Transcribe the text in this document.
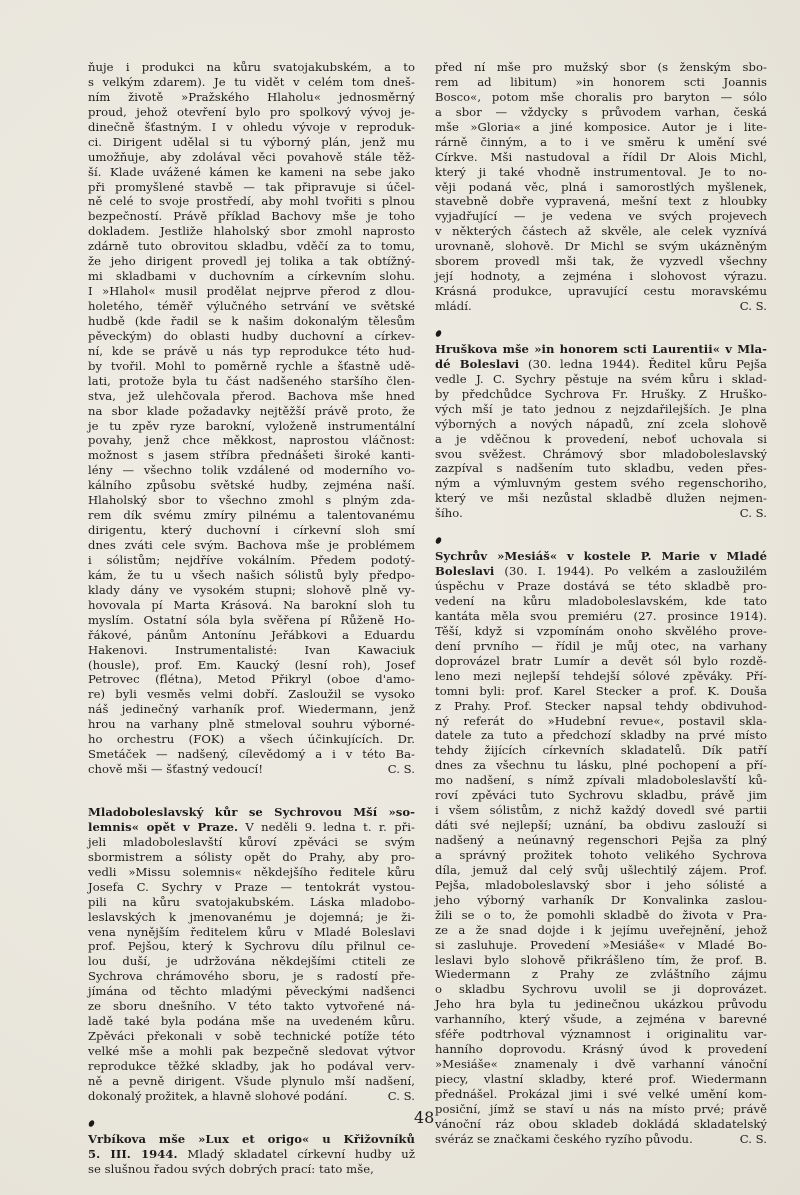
ňuje i produkci na kůru svatojakubském, a to
s velkým zdarem). Je tu vidět v celém tom dneš-
ním životě »Pražského Hlaholu« jednosměrný
proud, jehož otevření bylo pro spolkový vývoj je-
dinečně šťastným. I v ohledu vývoje v reproduk-
ci. Dirigent udělal si tu výborný plán, jenž mu
umožňuje, aby zdolával věci povahově stále těž-
ší. Klade uvážené kámen ke kameni na sebe jako
při promyšlené stavbě — tak připravuje si účel-
ně celé to svoje prostředí, aby mohl tvořiti s plnou
bezpečností. Právě příklad Bachovy mše je toho
dokladem. Jestliže hlaholský sbor zmohl naprosto
zdárně tuto obrovitou skladbu, vděčí za to tomu,
že jeho dirigent provedl jej tolika a tak obtížný-
mi skladbami v duchovním a církevním slohu.
I »Hlahol« musil prodělat nejprve přerod z dlou-
holetého, téměř výlučného setrvání ve světské
hudbě (kde řadil se k našim dokonalým tělesům
pěveckým) do oblasti hudby duchovní a církev-
ní, kde se právě u nás typ reprodukce této hud-
by tvořil. Mohl to poměrně rychle a šťastně udě-
lati, protože byla tu část nadšeného staršího člen-
stva, jež ulehčovala přerod. Bachova mše hned
na sbor klade požadavky nejtěžší právě proto, že
je tu zpěv ryze barokní, vyloženě instrumentální
povahy, jenž chce měkkost, naprostou vláčnost:
možnost s jasem stříbra přednášeti široké kanti-
lény — všechno tolik vzdálené od moderního vo-
kálního způsobu světské hudby, zejména naší.
Hlaholský sbor to všechno zmohl s plným zda-
rem dík svému zmíry pilnému a talentovanému
dirigentu, který duchovní i církevní sloh smí
dnes zváti cele svým. Bachova mše je problémem
i sólistům; nejdříve vokálním. Předem podotý-
kám, že tu u všech našich sólistů byly předpo-
klady dány ve vysokém stupni; slohově plně vy-
hovovala pí Marta Krásová. Na barokní sloh tu
myslím. Ostatní sóla byla svěřena pí Růženě Ho-
řákové, pánům Antonínu Jeřábkovi a Eduardu
Hakenovi. Instrumentalisté: Ivan Kawaciuk
(housle), prof. Em. Kaucký (lesní roh), Josef
Petrovec (flétna), Metod Přikryl (oboe d'amo-
re) byli vesměs velmi dobří. Zasloužil se vysoko
náš jedinečný varhaník prof. Wiedermann, jenž
hrou na varhany plně stmeloval souhru výborné-
ho orchestru (FOK) a všech účinkujících. Dr.
Smetáček — nadšený, cílevědomý a i v této Ba-
chově mši — šťastný vedoucí!	C. S.
Mladoboleslavský kůr se Sychrovou Mší »so-
lemnis« opět v Praze. V neděli 9. ledna t. r. při-
jeli mladoboleslavští kůroví zpěváci se svým
sbormistrem a sólisty opět do Prahy, aby pro-
vedli »Missu solemnis« někdejšího ředitele kůru
Josefa C. Sychry v Praze — tentokrát vystou-
pili na kůru svatojakubském. Láska mladobo-
leslavských k jmenovanému je dojemná; je ži-
vena nynějším ředitelem kůru v Mladé Boleslavi
prof. Pejšou, který k Sychrovu dílu přilnul ce-
lou duší, je udržována někdejšími ctiteli ze
Sychrova chrámového sboru, je s radostí pře-
jímána od těchto mladými pěveckými nadšenci
ze sboru dnešního. V této takto vytvořené ná-
ladě také byla podána mše na uvedeném kůru.
Zpěváci překonali v sobě technické potíže této
velké mše a mohli pak bezpečně sledovat výtvor
reprodukce těžké skladby, jak ho podával verv-
ně a pevně dirigent. Všude plynulo mší nadšení,
dokonalý prožitek, a hlavně slohové podání.	C. S.
Vrbíkova mše »Lux et origo« u Křižovníků
5. III. 1944. Mladý skladatel církevní hudby už
se slušnou řadou svých dobrých prací: tato mše,
před ní mše pro mužský sbor (s ženským sbo-
rem ad libitum) »in honorem scti Joannis
Bosco«, potom mše choralis pro baryton — sólo
a sbor — vždycky s průvodem varhan, česká
mše »Gloria« a jiné komposice. Autor je i lite-
rárně činným, a to i ve směru k umění své
Církve. Mši nastudoval a řídil Dr Alois Michl,
který ji také vhodně instrumentoval. Je to no-
věji podaná věc, plná i samorostlých myšlenek,
stavebně dobře vypravená, mešní text z hloubky
vyjadřující — je vedena ve svých projevech
v některých částech až skvěle, ale celek vyznívá
urovnaně, slohově. Dr Michl se svým ukázněným
sborem provedl mši tak, že vyzvedl všechny
její hodnoty, a zejména i slohovost výrazu.
Krásná produkce, upravující cestu moravskému
mládí.	C. S.
Hruškova mše »in honorem scti Laurentii« v Mla-
dé Boleslavi (30. ledna 1944). Ředitel kůru Pejša
vedle J. C. Sychry pěstuje na svém kůru i sklad-
by předchůdce Sychrova Fr. Hrušky. Z Hruško-
vých mší je tato jednou z nejzdařilejších. Je plna
výborných a nových nápadů, zní zcela slohově
a je vděčnou k provedení, neboť uchovala si
svou svěžest. Chrámový sbor mladoboleslavský
zazpíval s nadšením tuto skladbu, veden přes-
ným a výmluvným gestem svého regenschoriho,
který ve mši nezůstal skladbě dlužen nejmen-
šího.	C. S.
Sychrův »Mesiáš« v kostele P. Marie v Mladé
Boleslavi (30. I. 1944). Po velkém a zasloužilém
úspěchu v Praze dostává se této skladbě pro-
vedení na kůru mladoboleslavském, kde tato
kantáta měla svou premiéru (27. prosince 1914).
Těší, když si vzpomínám onoho skvělého prove-
dení prvního — řídil je můj otec, na varhany
doprovázel bratr Lumír a devět sól bylo rozdě-
leno mezi nejlepší tehdejší sólové zpěváky. Pří-
tomni byli: prof. Karel Stecker a prof. K. Douša
z Prahy. Prof. Stecker napsal tehdy obdivuhod-
ný referát do »Hudební revue«, postavil skla-
datele za tuto a předchozí skladby na prvé místo
tehdy žijících církevních skladatelů. Dík patří
dnes za všechnu tu lásku, plné pochopení a pří-
mo nadšení, s nímž zpívali mladoboleslavští ků-
roví zpěváci tuto Sychrovu skladbu, právě jim
i všem sólistům, z nichž každý dovedl své partii
dáti své nejlepší; uznání, ba obdivu zaslouží si
nadšený a neúnavný regenschori Pejša za plný
a správný prožitek tohoto velikého Sychrova
díla, jemuž dal celý svůj ušlechtilý zájem. Prof.
Pejša, mladoboleslavský sbor i jeho sólisté a
jeho výborný varhaník Dr Konvalinka zaslou-
žili se o to, že pomohli skladbě do života v Pra-
ze a že snad dojde i k jejímu uveřejnění, jehož
si zasluhuje. Provedení »Mesiáše« v Mladé Bo-
leslavi bylo slohově přikrášleno tím, že prof. B.
Wiedermann z Prahy ze zvláštního zájmu
o skladbu Sychrovu uvolil se ji doprovázet.
Jeho hra byla tu jedinečnou ukázkou průvodu
varhanního, který všude, a zejména v barevné
sféře podtrhoval významnost i originalitu var-
hanního doprovodu. Krásný úvod k provedení
»Mesiáše« znamenaly i dvě varhanní vánoční
piecy, vlastní skladby, které prof. Wiedermann
přednášel. Prokázal jimi i své velké umění kom-
posiční, jímž se staví u nás na místo prvé; právě
vánoční ráz obou skladeb dokládá skladatelský
svéráz se značkami českého ryzího původu.	C. S.
48
